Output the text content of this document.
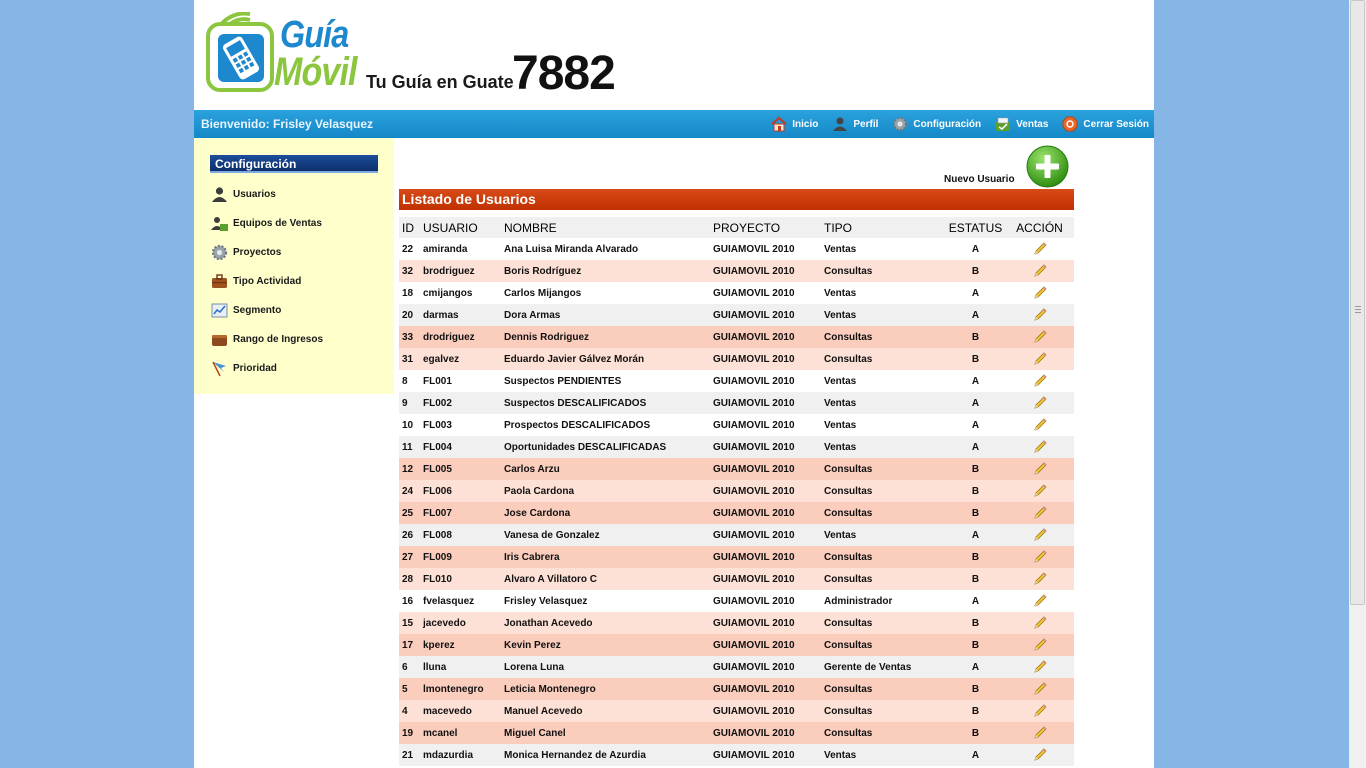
Guía
Móvil Tu Guía en Guate
7882
Bienvenido: Frisley Velasquez	Inicio	Perfil	Configuración	Ventas	Cerrar Sesión
Configuración
Usuarios
Equipos de Ventas
Proyectos
Tipo Actividad
Segmento
Rango de Ingresos
Prioridad
Nuevo Usuario
Listado de Usuarios
ID	USUARIO	NOMBRE	PROYECTO	TIPO	ESTATUS	ACCIÓN
22	amiranda	Ana Luisa Miranda Alvarado	GUIAMOVIL 2010	Ventas	A	
32	brodriguez	Boris Rodríguez	GUIAMOVIL 2010	Consultas	B	
18	cmijangos	Carlos Mijangos	GUIAMOVIL 2010	Ventas	A	
20	darmas	Dora Armas	GUIAMOVIL 2010	Ventas	A	
33	drodriguez	Dennis Rodriguez	GUIAMOVIL 2010	Consultas	B	
31	egalvez	Eduardo Javier Gálvez Morán	GUIAMOVIL 2010	Consultas	B	
8	FL001	Suspectos PENDIENTES	GUIAMOVIL 2010	Ventas	A	
9	FL002	Suspectos DESCALIFICADOS	GUIAMOVIL 2010	Ventas	A	
10	FL003	Prospectos DESCALIFICADOS	GUIAMOVIL 2010	Ventas	A	
11	FL004	Oportunidades DESCALIFICADAS	GUIAMOVIL 2010	Ventas	A	
12	FL005	Carlos Arzu	GUIAMOVIL 2010	Consultas	B	
24	FL006	Paola Cardona	GUIAMOVIL 2010	Consultas	B	
25	FL007	Jose Cardona	GUIAMOVIL 2010	Consultas	B	
26	FL008	Vanesa de Gonzalez	GUIAMOVIL 2010	Ventas	A	
27	FL009	Iris Cabrera	GUIAMOVIL 2010	Consultas	B	
28	FL010	Alvaro A Villatoro C	GUIAMOVIL 2010	Consultas	B	
16	fvelasquez	Frisley Velasquez	GUIAMOVIL 2010	Administrador	A	
15	jacevedo	Jonathan Acevedo	GUIAMOVIL 2010	Consultas	B	
17	kperez	Kevin Perez	GUIAMOVIL 2010	Consultas	B	
6	lluna	Lorena Luna	GUIAMOVIL 2010	Gerente de Ventas	A	
5	lmontenegro	Leticia Montenegro	GUIAMOVIL 2010	Consultas	B	
4	macevedo	Manuel Acevedo	GUIAMOVIL 2010	Consultas	B	
19	mcanel	Miguel Canel	GUIAMOVIL 2010	Consultas	B	
21	mdazurdia	Monica Hernandez de Azurdia	GUIAMOVIL 2010	Ventas	A	
